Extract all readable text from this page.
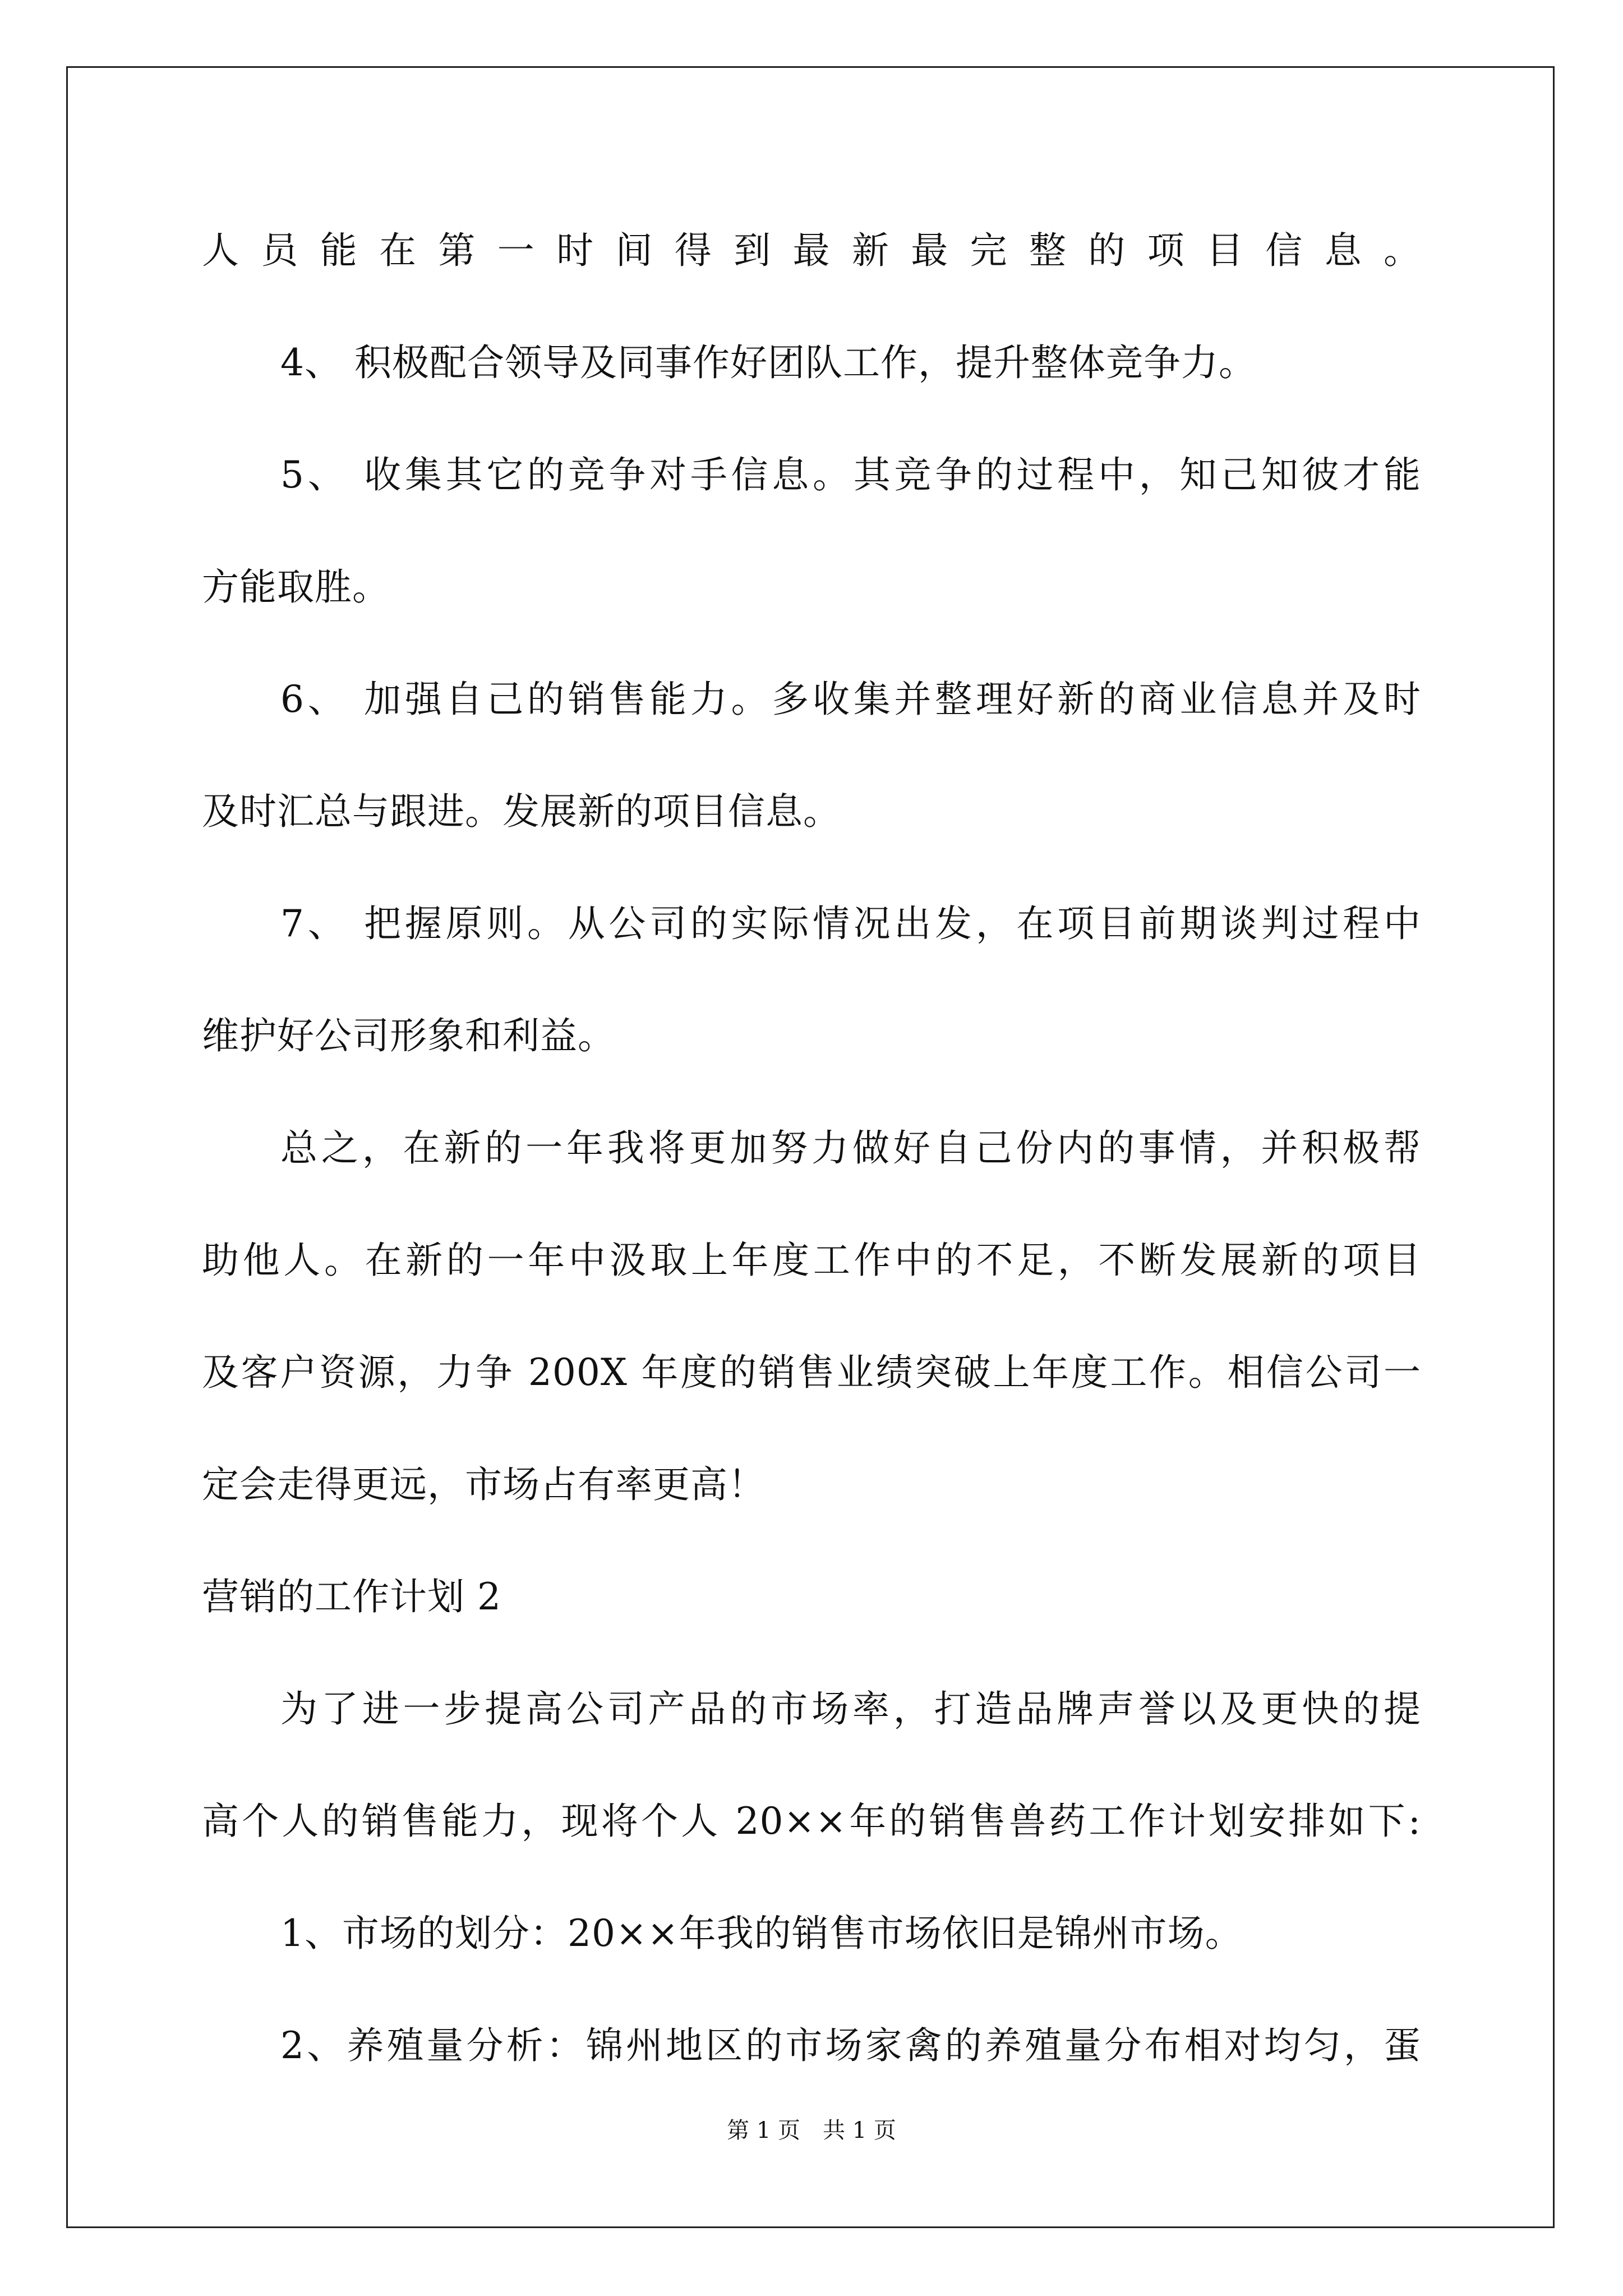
人员能在第一时间得到最新最完整的项目信息。
4、 积极配合领导及同事作好团队工作，提升整体竞争力。
5、 收集其它的竞争对手信息。其竞争的过程中，知己知彼才能
方能取胜。
6、 加强自己的销售能力。多收集并整理好新的商业信息并及时
及时汇总与跟进。发展新的项目信息。
7、 把握原则。从公司的实际情况出发，在项目前期谈判过程中
维护好公司形象和利益。
总之，在新的一年我将更加努力做好自己份内的事情，并积极帮
助他人。在新的一年中汲取上年度工作中的不足，不断发展新的项目
及客户资源，力争 200X 年度的销售业绩突破上年度工作。相信公司一
定会走得更远，市场占有率更高！
营销的工作计划 2
为了进一步提高公司产品的市场率，打造品牌声誉以及更快的提
高个人的销售能力，现将个人 20××年的销售兽药工作计划安排如下:
1、市场的划分：20××年我的销售市场依旧是锦州市场。
2、养殖量分析：锦州地区的市场家禽的养殖量分布相对均匀，蛋
第 1 页　共 1 页
